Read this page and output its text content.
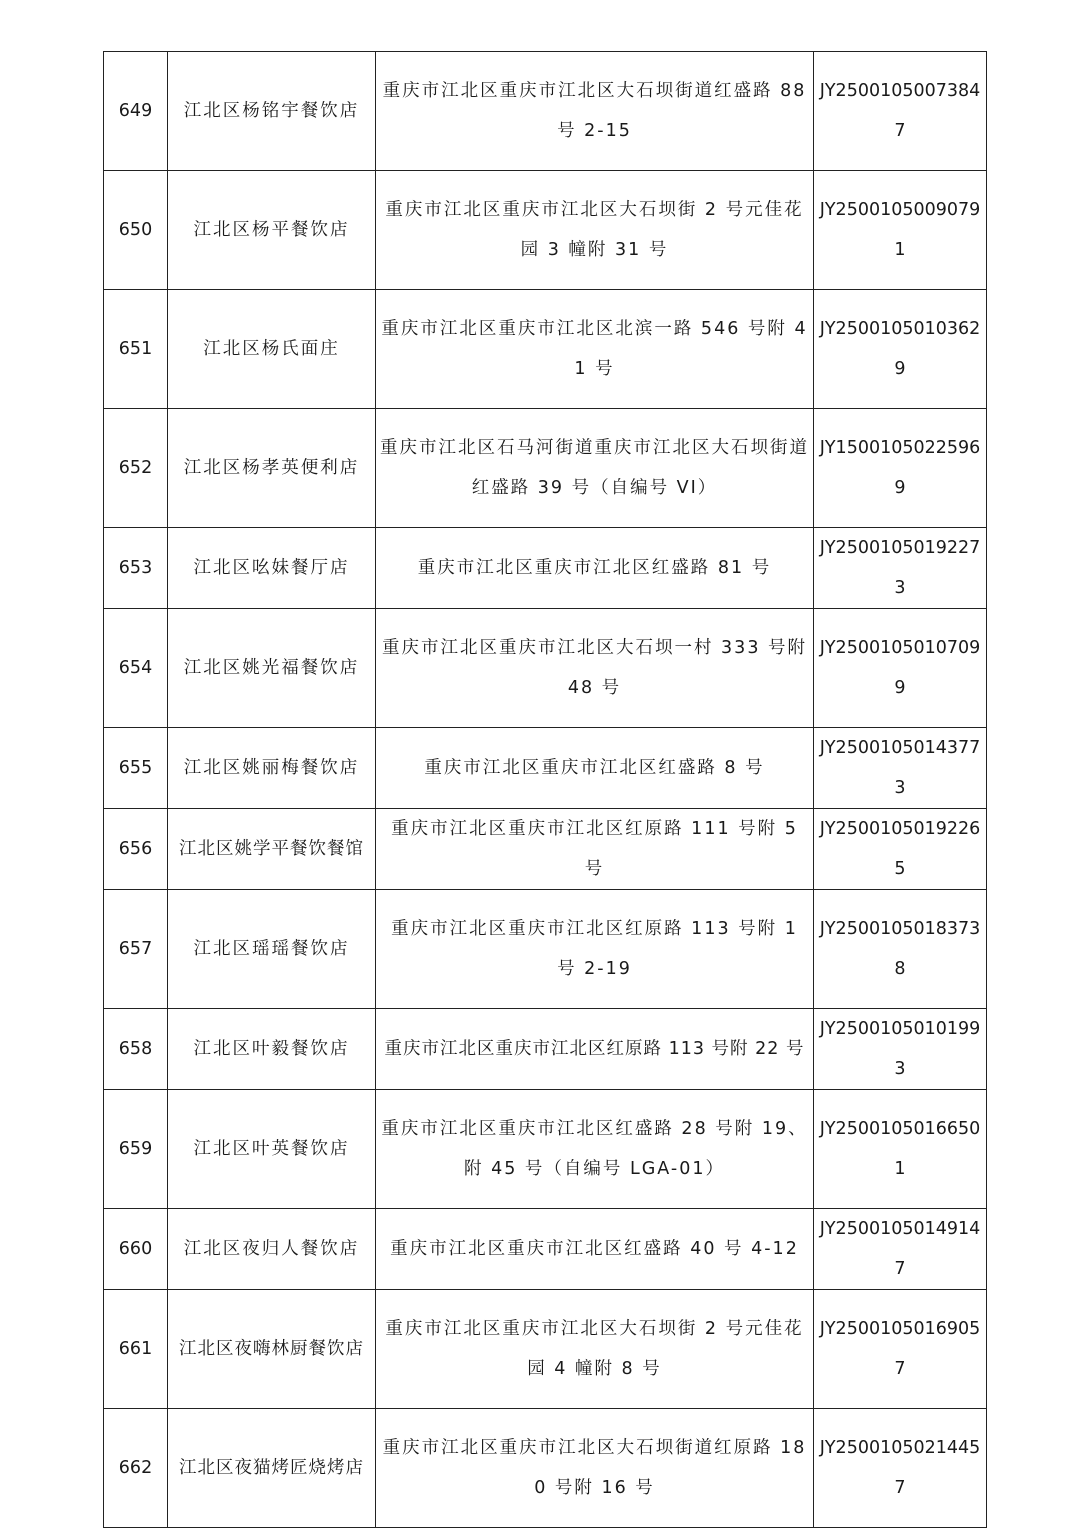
649	江北区杨铭宇餐饮店	重庆市江北区重庆市江北区大石坝街道红盛路 88 号 2-15	JY25001050073847
650	江北区杨平餐饮店	重庆市江北区重庆市江北区大石坝街 2 号元佳花园 3 幢附 31 号	JY25001050090791
651	江北区杨氏面庄	重庆市江北区重庆市江北区北滨一路 546 号附 41 号	JY25001050103629
652	江北区杨孝英便利店	重庆市江北区石马河街道重庆市江北区大石坝街道红盛路 39 号（自编号 VI）	JY15001050225969
653	江北区吆妹餐厅店	重庆市江北区重庆市江北区红盛路 81 号	JY25001050192273
654	江北区姚光福餐饮店	重庆市江北区重庆市江北区大石坝一村 333 号附 48 号	JY25001050107099
655	江北区姚丽梅餐饮店	重庆市江北区重庆市江北区红盛路 8 号	JY25001050143773
656	江北区姚学平餐饮餐馆	重庆市江北区重庆市江北区红原路 111 号附 5 号	JY25001050192265
657	江北区瑶瑶餐饮店	重庆市江北区重庆市江北区红原路 113 号附 1 号 2-19	JY25001050183738
658	江北区叶毅餐饮店	重庆市江北区重庆市江北区红原路 113 号附 22 号	JY25001050101993
659	江北区叶英餐饮店	重庆市江北区重庆市江北区红盛路 28 号附 19、附 45 号（自编号 LGA-01）	JY25001050166501
660	江北区夜归人餐饮店	重庆市江北区重庆市江北区红盛路 40 号 4-12	JY25001050149147
661	江北区夜嗨林厨餐饮店	重庆市江北区重庆市江北区大石坝街 2 号元佳花园 4 幢附 8 号	JY25001050169057
662	江北区夜猫烤匠烧烤店	重庆市江北区重庆市江北区大石坝街道红原路 180 号附 16 号	JY25001050214457
